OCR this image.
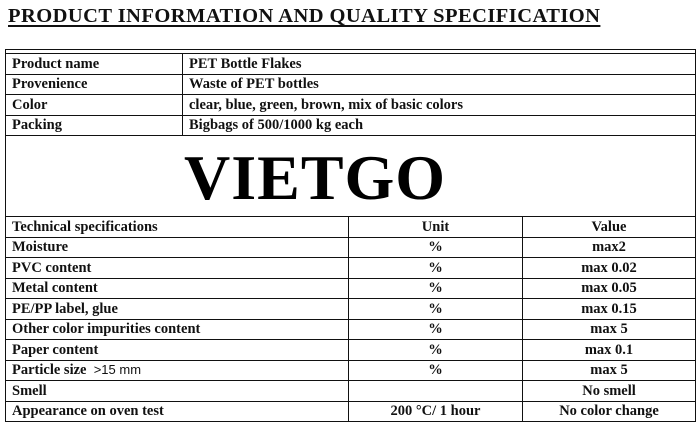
PRODUCT INFORMATION AND QUALITY SPECIFICATION

Product name	PET Bottle Flakes		
Provenience	Waste of PET bottles		
Color	clear, blue, green, brown, mix of basic colors		
Packing	Bigbags of 500/1000 kg each		
VIETGO			
Technical specifications		Unit	Value
Moisture		%	max2
PVC content		%	max 0.02
Metal content		%	max 0.05
PE/PP label, glue		%	max 0.15
Other color impurities content		%	max 5
Paper content		%	max 0.1
Particle size >15 mm		%	max 5
Smell			No smell
Appearance on oven test		200 °C/ 1 hour	No color change
